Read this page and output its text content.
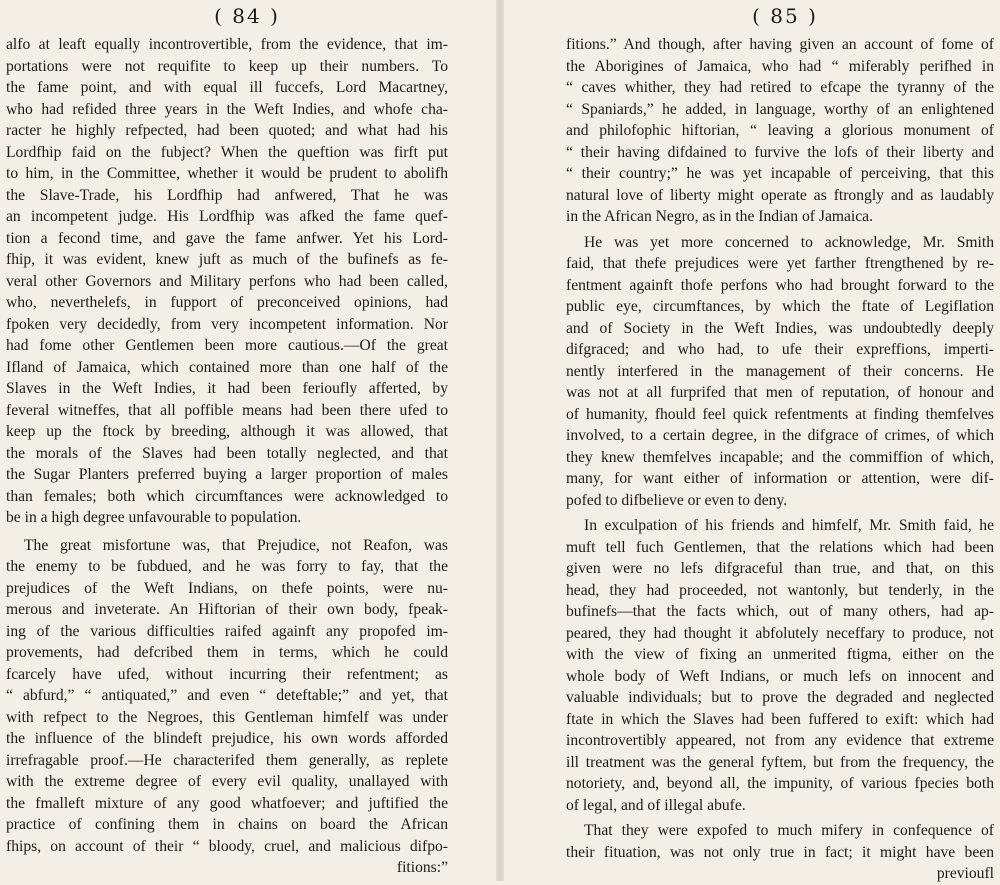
( 84 )
alfo at leaft equally incontrovertible, from the evidence, that im-
portations were not requifite to keep up their numbers. To
the fame point, and with equal ill fuccefs, Lord Macartney,
who had refided three years in the Weft Indies, and whofe cha-
racter he highly refpected, had been quoted; and what had his
Lordfhip faid on the fubject? When the queftion was firft put
to him, in the Committee, whether it would be prudent to abolifh
the Slave-Trade, his Lordfhip had anfwered, That he was
an incompetent judge. His Lordfhip was afked the fame quef-
tion a fecond time, and gave the fame anfwer. Yet his Lord-
fhip, it was evident, knew juft as much of the bufinefs as fe-
veral other Governors and Military perfons who had been called,
who, neverthelefs, in fupport of preconceived opinions, had
fpoken very decidedly, from very incompetent information. Nor
had fome other Gentlemen been more cautious.—Of the great
Ifland of Jamaica, which contained more than one half of the
Slaves in the Weft Indies, it had been ferioufly afferted, by
feveral witneffes, that all poffible means had been there ufed to
keep up the ftock by breeding, although it was allowed, that
the morals of the Slaves had been totally neglected, and that
the Sugar Planters preferred buying a larger proportion of males
than females; both which circumftances were acknowledged to
be in a high degree unfavourable to population.
The great misfortune was, that Prejudice, not Reafon, was
the enemy to be fubdued, and he was forry to fay, that the
prejudices of the Weft Indians, on thefe points, were nu-
merous and inveterate. An Hiftorian of their own body, fpeak-
ing of the various difficulties raifed againft any propofed im-
provements, had defcribed them in terms, which he could
fcarcely have ufed, without incurring their refentment; as
“ abfurd,” “ antiquated,” and even “ deteftable;” and yet, that
with refpect to the Negroes, this Gentleman himfelf was under
the influence of the blindeft prejudice, his own words afforded
irrefragable proof.—He characterifed them generally, as replete
with the extreme degree of every evil quality, unallayed with
the fmalleft mixture of any good whatfoever; and juftified the
practice of confining them in chains on board the African
fhips, on account of their “ bloody, cruel, and malicious difpo-
fitions:”
( 85 )
fitions.” And though, after having given an account of fome of
the Aborigines of Jamaica, who had “ miferably perifhed in
“ caves whither, they had retired to efcape the tyranny of the
“ Spaniards,” he added, in language, worthy of an enlightened
and philofophic hiftorian, “ leaving a glorious monument of
“ their having difdained to furvive the lofs of their liberty and
“ their country;” he was yet incapable of perceiving, that this
natural love of liberty might operate as ftrongly and as laudably
in the African Negro, as in the Indian of Jamaica.
He was yet more concerned to acknowledge, Mr. Smith
faid, that thefe prejudices were yet farther ftrengthened by re-
fentment againft thofe perfons who had brought forward to the
public eye, circumftances, by which the ftate of Legiflation
and of Society in the Weft Indies, was undoubtedly deeply
difgraced; and who had, to ufe their expreffions, imperti-
nently interfered in the management of their concerns. He
was not at all furprifed that men of reputation, of honour and
of humanity, fhould feel quick refentments at finding themfelves
involved, to a certain degree, in the difgrace of crimes, of which
they knew themfelves incapable; and the commiffion of which,
many, for want either of information or attention, were dif-
pofed to difbelieve or even to deny.
In exculpation of his friends and himfelf, Mr. Smith faid, he
muft tell fuch Gentlemen, that the relations which had been
given were no lefs difgraceful than true, and that, on this
head, they had proceeded, not wantonly, but tenderly, in the
bufinefs—that the facts which, out of many others, had ap-
peared, they had thought it abfolutely neceffary to produce, not
with the view of fixing an unmerited ftigma, either on the
whole body of Weft Indians, or much lefs on innocent and
valuable individuals; but to prove the degraded and neglected
ftate in which the Slaves had been fuffered to exift: which had
incontrovertibly appeared, not from any evidence that extreme
ill treatment was the general fyftem, but from the frequency, the
notoriety, and, beyond all, the impunity, of various fpecies both
of legal, and of illegal abufe.
That they were expofed to much mifery in confequence of
their fituation, was not only true in fact; it might have been
previoufl
